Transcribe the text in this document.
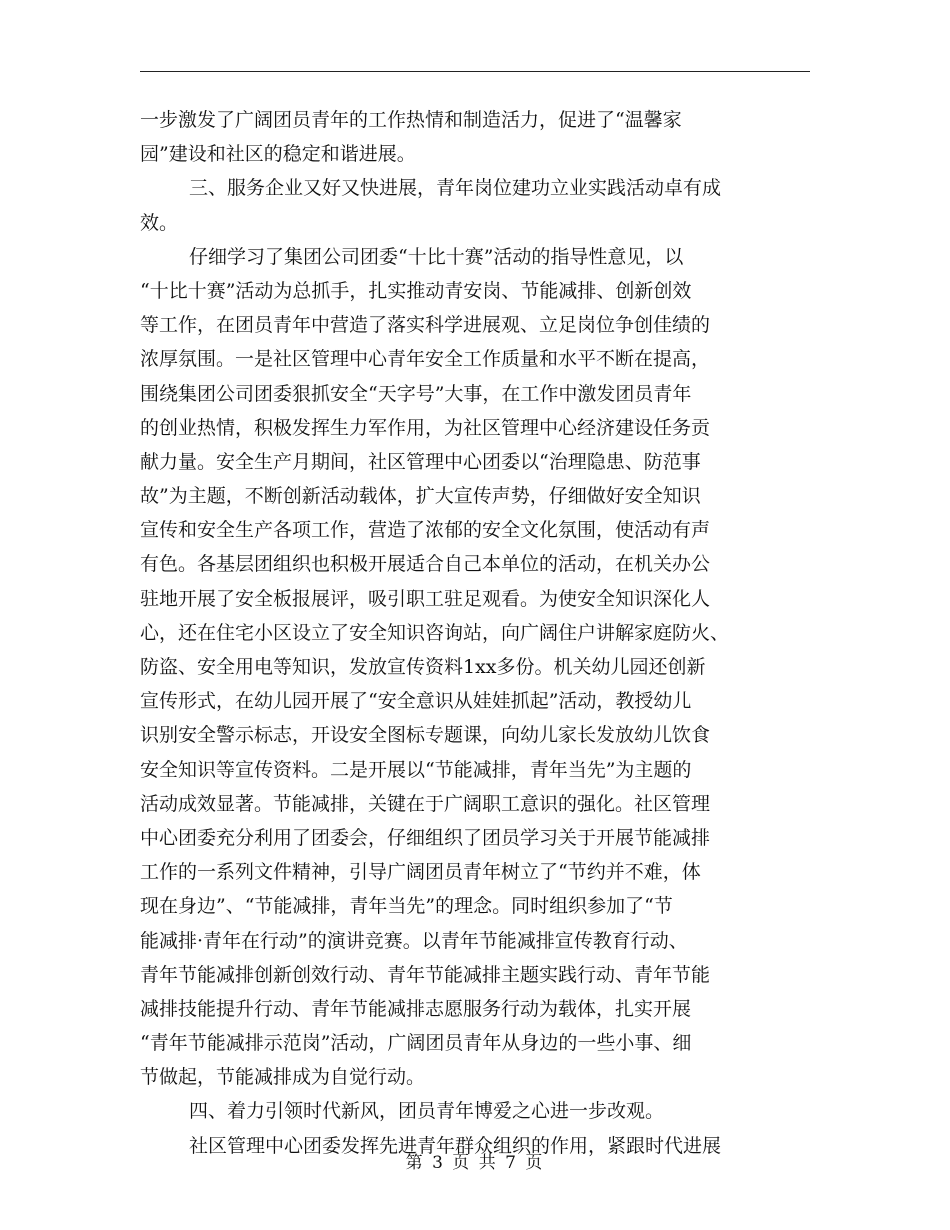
一步激发了广阔团员青年的工作热情和制造活力，促进了“温馨家
园”建设和社区的稳定和谐进展。
三、服务企业又好又快进展，青年岗位建功立业实践活动卓有成
效。
仔细学习了集团公司团委“十比十赛”活动的指导性意见，以
“十比十赛”活动为总抓手，扎实推动青安岗、节能减排、创新创效
等工作，在团员青年中营造了落实科学进展观、立足岗位争创佳绩的
浓厚氛围。一是社区管理中心青年安全工作质量和水平不断在提高，
围绕集团公司团委狠抓安全“天字号”大事，在工作中激发团员青年
的创业热情，积极发挥生力军作用，为社区管理中心经济建设任务贡
献力量。安全生产月期间，社区管理中心团委以“治理隐患、防范事
故”为主题，不断创新活动载体，扩大宣传声势，仔细做好安全知识
宣传和安全生产各项工作，营造了浓郁的安全文化氛围，使活动有声
有色。各基层团组织也积极开展适合自己本单位的活动，在机关办公
驻地开展了安全板报展评，吸引职工驻足观看。为使安全知识深化人
心，还在住宅小区设立了安全知识咨询站，向广阔住户讲解家庭防火、
防盗、安全用电等知识，发放宣传资料1xx多份。机关幼儿园还创新
宣传形式，在幼儿园开展了“安全意识从娃娃抓起”活动，教授幼儿
识别安全警示标志，开设安全图标专题课，向幼儿家长发放幼儿饮食
安全知识等宣传资料。二是开展以“节能减排，青年当先”为主题的
活动成效显著。节能减排，关键在于广阔职工意识的强化。社区管理
中心团委充分利用了团委会，仔细组织了团员学习关于开展节能减排
工作的一系列文件精神，引导广阔团员青年树立了“节约并不难，体
现在身边”、“节能减排，青年当先”的理念。同时组织参加了“节
能减排·青年在行动”的演讲竞赛。以青年节能减排宣传教育行动、
青年节能减排创新创效行动、青年节能减排主题实践行动、青年节能
减排技能提升行动、青年节能减排志愿服务行动为载体，扎实开展
“青年节能减排示范岗”活动，广阔团员青年从身边的一些小事、细
节做起，节能减排成为自觉行动。
四、着力引领时代新风，团员青年博爱之心进一步改观。
社区管理中心团委发挥先进青年群众组织的作用，紧跟时代进展
第 3 页 共 7 页
